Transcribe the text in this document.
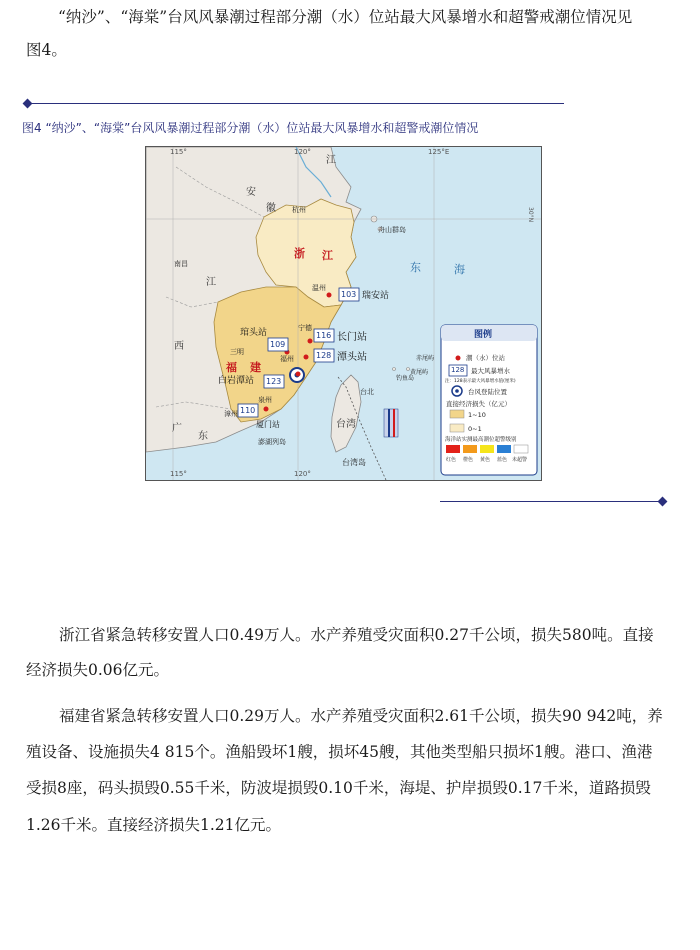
“纳沙”、“海棠”台风风暴潮过程部分潮（水）位站最大风暴增水和超警戒潮位情况见

图4。

图4 “纳沙”、“海棠”台风风暴潮过程部分潮（水）位站最大风暴增水和超警戒潮位情况
115°	120°	125°E
115°	120°
30°N
安
徽
江
浙 江
江
西
福 建
广
东
东	海
杭州
温州
宁德
福州
三明
泉州
漳州
南昌
台北
台湾岛
澎湖列岛
舟山群岛
钓鱼岛
赤尾屿
黄尾屿
台湾
103 瑞安站
116 长门站
128 潭头站
109
琯头站
123
白岩潭站
110
厦门站
图例
潮（水）位站
128 最大风暴增水
注：128表示最大风暴增水值(厘米)
台风登陆位置
直接经济损失（亿元）
1~10
0~1
海洋站实测最高潮位超警级别
红色 橙色 黄色 蓝色 未超警

浙江省紧急转移安置人口0.49万人。水产养殖受灾面积0.27千公顷，损失580吨。直接

经济损失0.06亿元。

福建省紧急转移安置人口0.29万人。水产养殖受灾面积2.61千公顷，损失90 942吨，养

殖设备、设施损失4 815个。渔船毁坏1艘，损坏45艘，其他类型船只损坏1艘。港口、渔港

受损8座，码头损毁0.55千米，防波堤损毁0.10千米，海堤、护岸损毁0.17千米，道路损毁

1.26千米。直接经济损失1.21亿元。
